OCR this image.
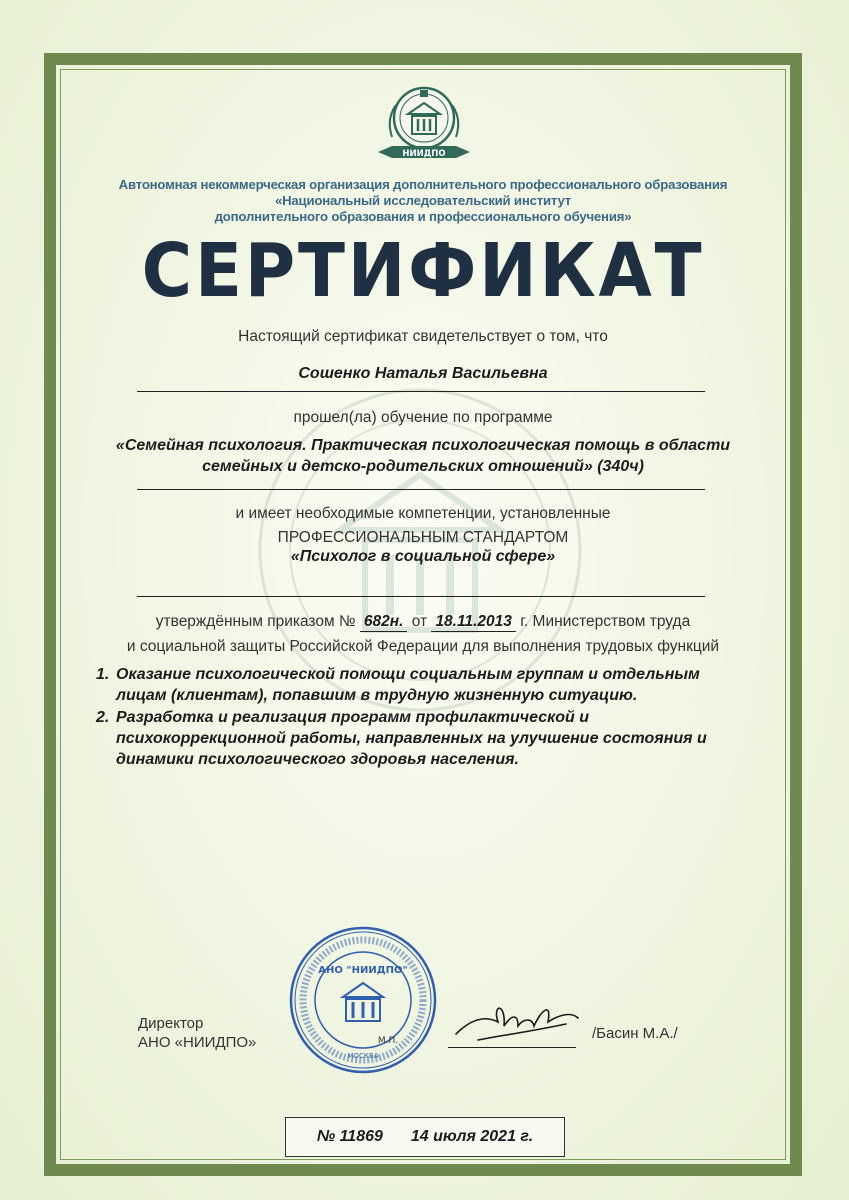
НИИДПО
Автономная некоммерческая организация дополнительного профессионального образования
«Национальный исследовательский институт
дополнительного образования и профессионального обучения»
СЕРТИФИКАТ
Настоящий сертификат свидетельствует о том, что
Сошенко Наталья Васильевна
прошел(ла) обучение по программе
«Семейная психология. Практическая психологическая помощь в области
семейных и детско-родительских отношений» (340ч)
и имеет необходимые компетенции, установленные
ПРОФЕССИОНАЛЬНЫМ СТАНДАРТОМ
«Психолог в социальной сфере»
утверждённым приказом № 682н. от 18.11.2013 г. Министерством труда
и социальной защиты Российской Федерации для выполнения трудовых функций
1. Оказание психологической помощи социальным группам и отдельным лицам (клиентам), попавшим в трудную жизненную ситуацию.
2. Разработка и реализация программ профилактической и психокоррекционной работы, направленных на улучшение состояния и динамики психологического здоровья населения.
АНО "НИИДПО"
МОСКВА
М.П.
Директор
АНО «НИИДПО»
/Басин М.А./
№ 11869 14 июля 2021 г.
